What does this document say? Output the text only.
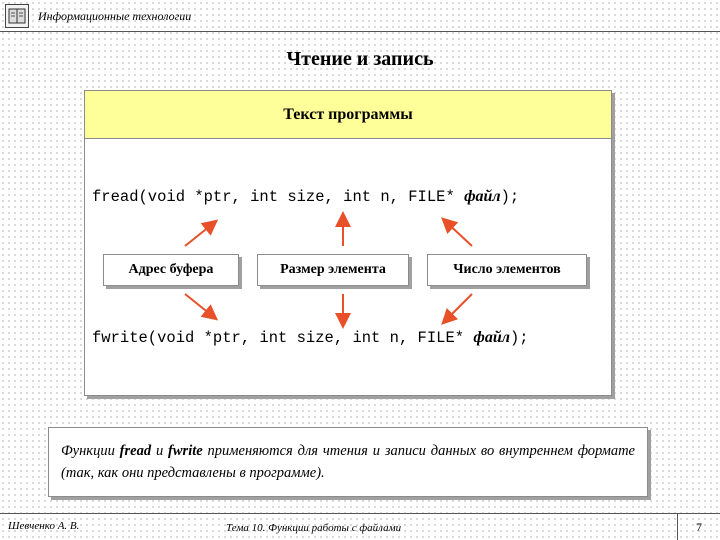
Информационные технологии
Чтение и запись
Текст программы
fread(void *ptr, int size, int n, FILE* файл);
Адрес буфера	Размер элемента	Число элементов
fwrite(void *ptr, int size, int n, FILE* файл);
Функции fread и fwrite применяются для чтения и записи данных во внутреннем формате (так, как они представлены в программе).
Шевченко А. В.	Тема 10. Функции работы с файлами	7
